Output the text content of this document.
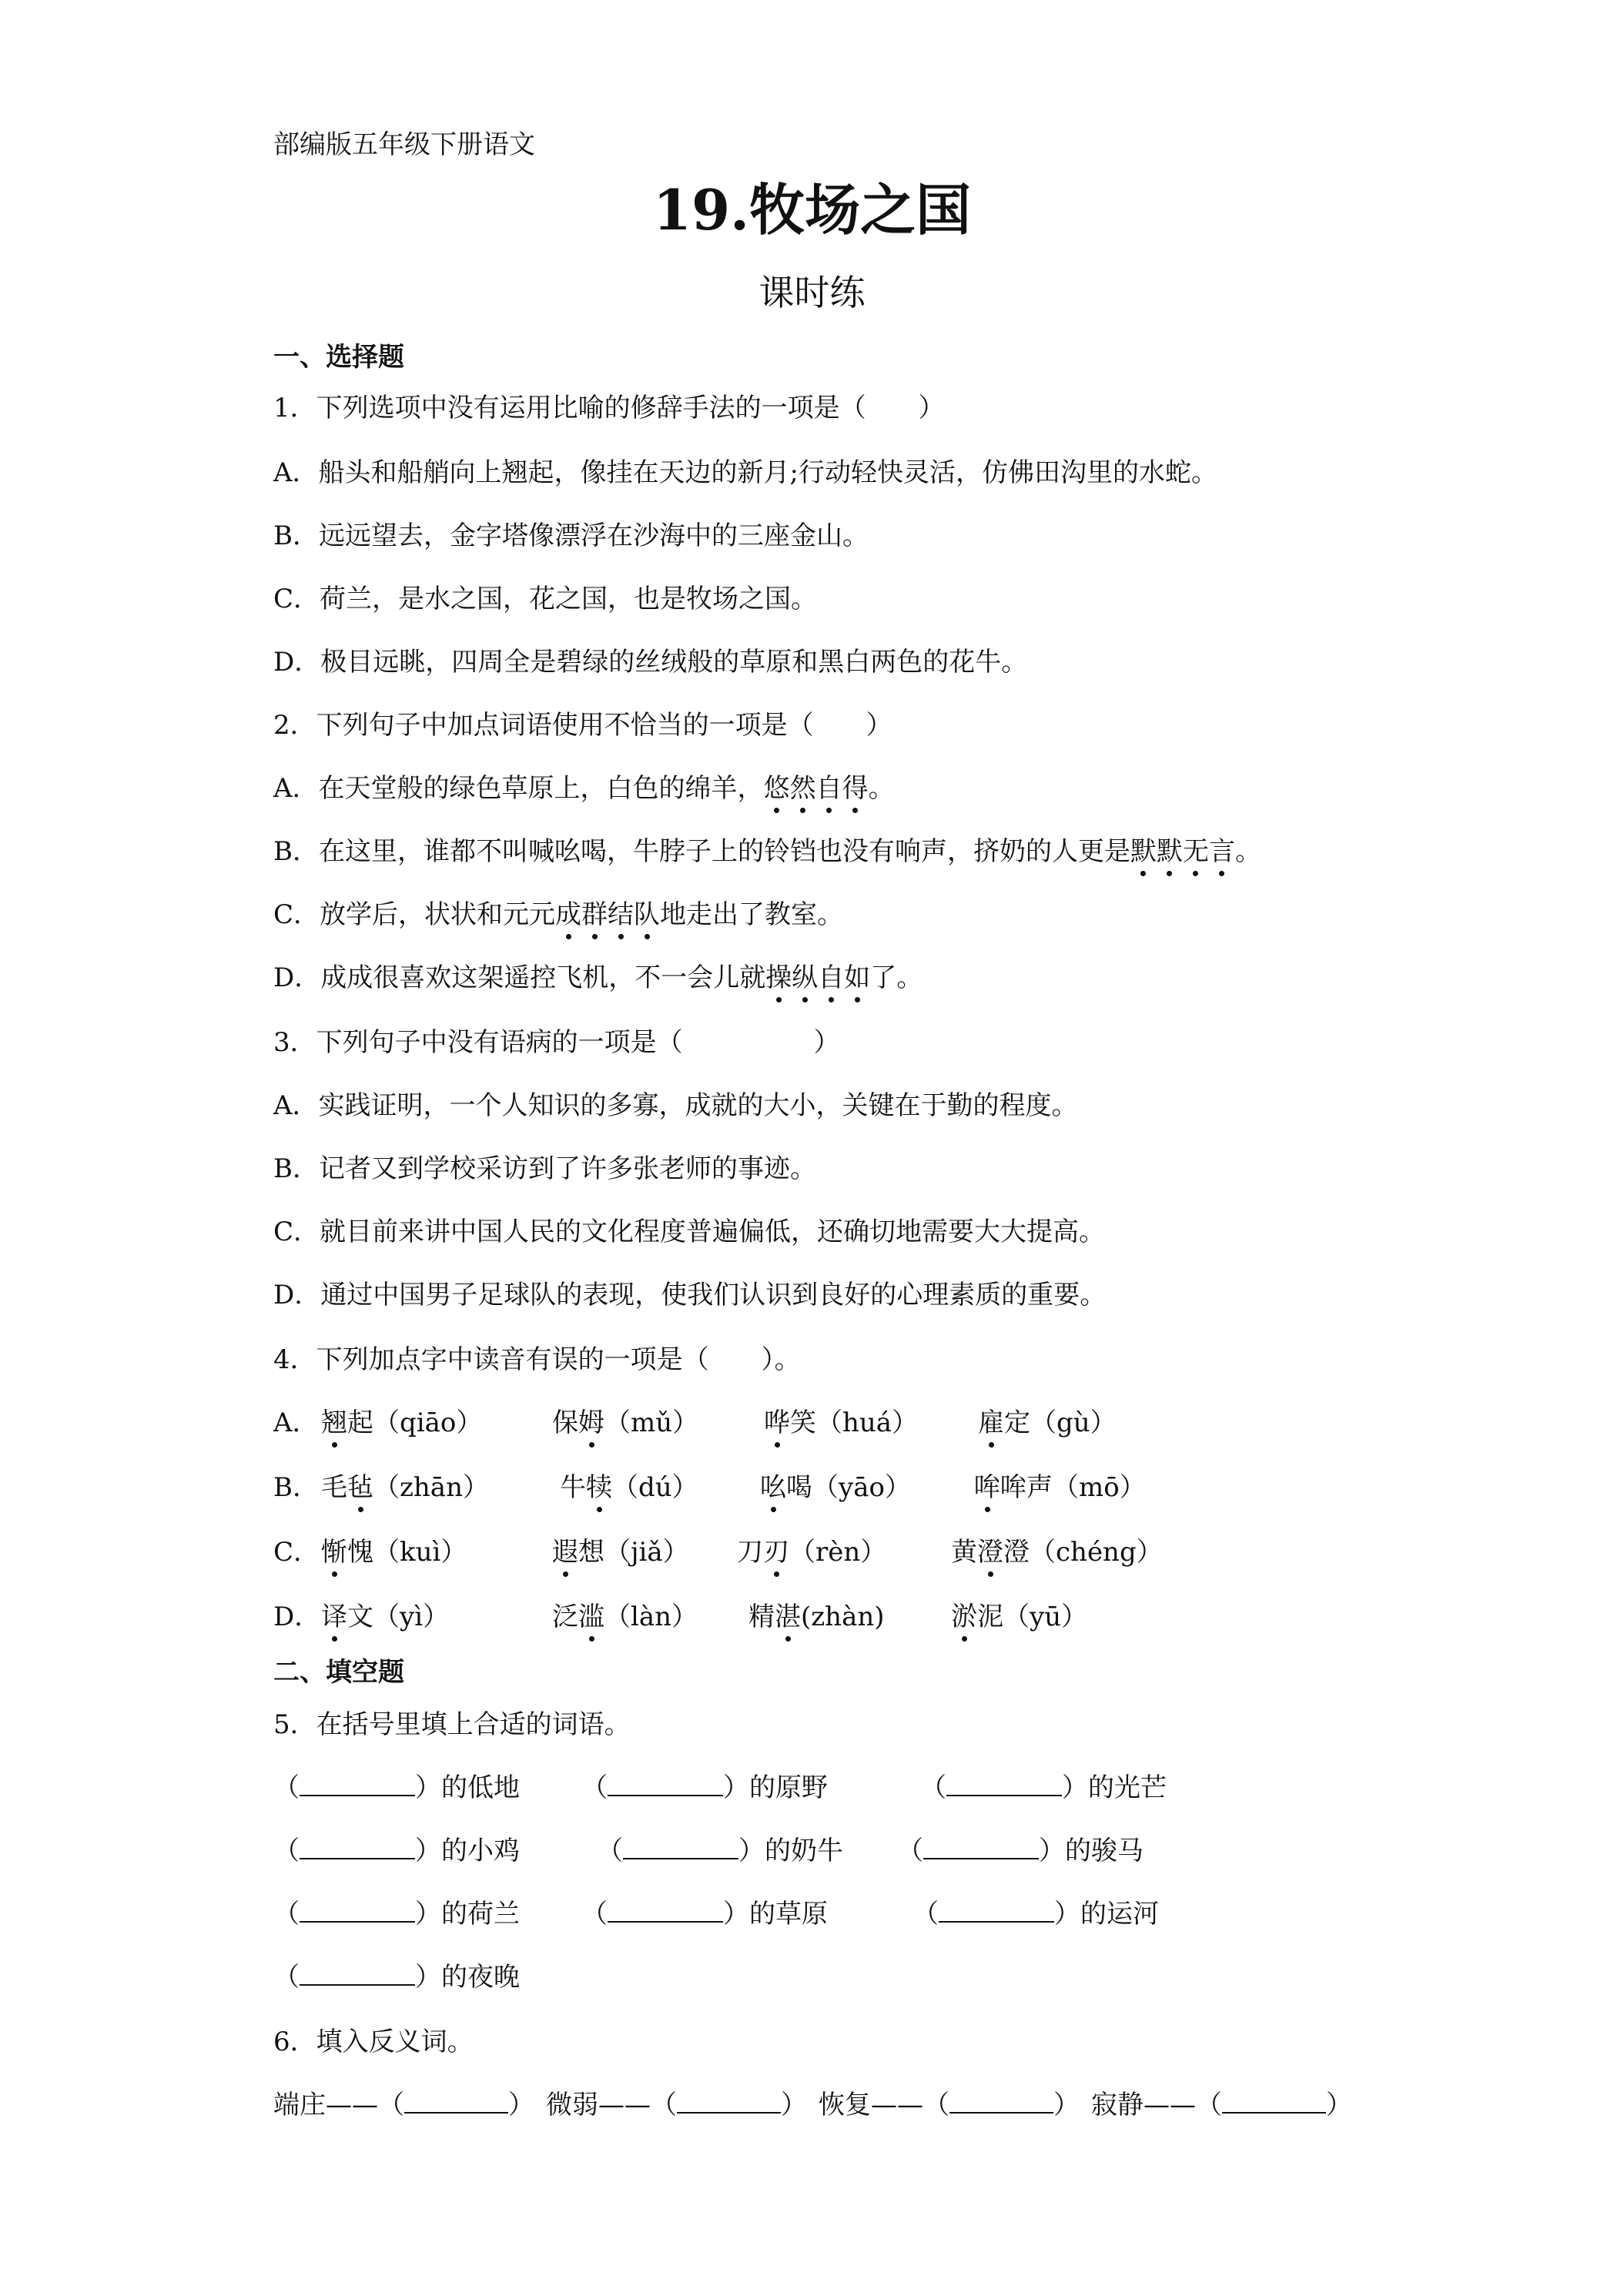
部编版五年级下册语文
19.牧场之国
课时练
一、选择题
1．下列选项中没有运用比喻的修辞手法的一项是（　　）
A．船头和船艄向上翘起，像挂在天边的新月;行动轻快灵活，仿佛田沟里的水蛇。
B．远远望去，金字塔像漂浮在沙海中的三座金山。
C．荷兰，是水之国，花之国，也是牧场之国。
D．极目远眺，四周全是碧绿的丝绒般的草原和黑白两色的花牛。
2．下列句子中加点词语使用不恰当的一项是（　　）
A．在天堂般的绿色草原上，白色的绵羊，悠然自得。
B．在这里，谁都不叫喊吆喝，牛脖子上的铃铛也没有响声，挤奶的人更是默默无言。
C．放学后，状状和元元成群结队地走出了教室。
D．成成很喜欢这架遥控飞机，不一会儿就操纵自如了。
3．下列句子中没有语病的一项是（　　　　　）
A．实践证明，一个人知识的多寡，成就的大小，关键在于勤的程度。
B．记者又到学校采访到了许多张老师的事迹。
C．就目前来讲中国人民的文化程度普遍偏低，还确切地需要大大提高。
D．通过中国男子足球队的表现，使我们认识到良好的心理素质的重要。
4．下列加点字中读音有误的一项是（　　）。
A． 翘起（qiāo）	保姆（mǔ） 哗笑（huá） 雇定（gù）
B． 毛毡（zhān）	牛犊（dú） 吆喝（yāo） 哞哞声（mō）
C． 惭愧（kuì）	遐想（jiǎ） 刀刃（rèn） 黄澄澄（chéng）
D． 译文（yì）	泛滥（làn） 精湛(zhàn)	淤泥（yū）
二、填空题
5．在括号里填上合适的词语。
（	）的低地 （	）的原野	（	）的光芒
（	）的小鸡	（	）的奶牛 （	）的骏马
（	）的荷兰 （	）的草原	（	）的运河
（	）的夜晚
6．填入反义词。
端庄——（	） 微弱——（	） 恢复——（	） 寂静——（	）
